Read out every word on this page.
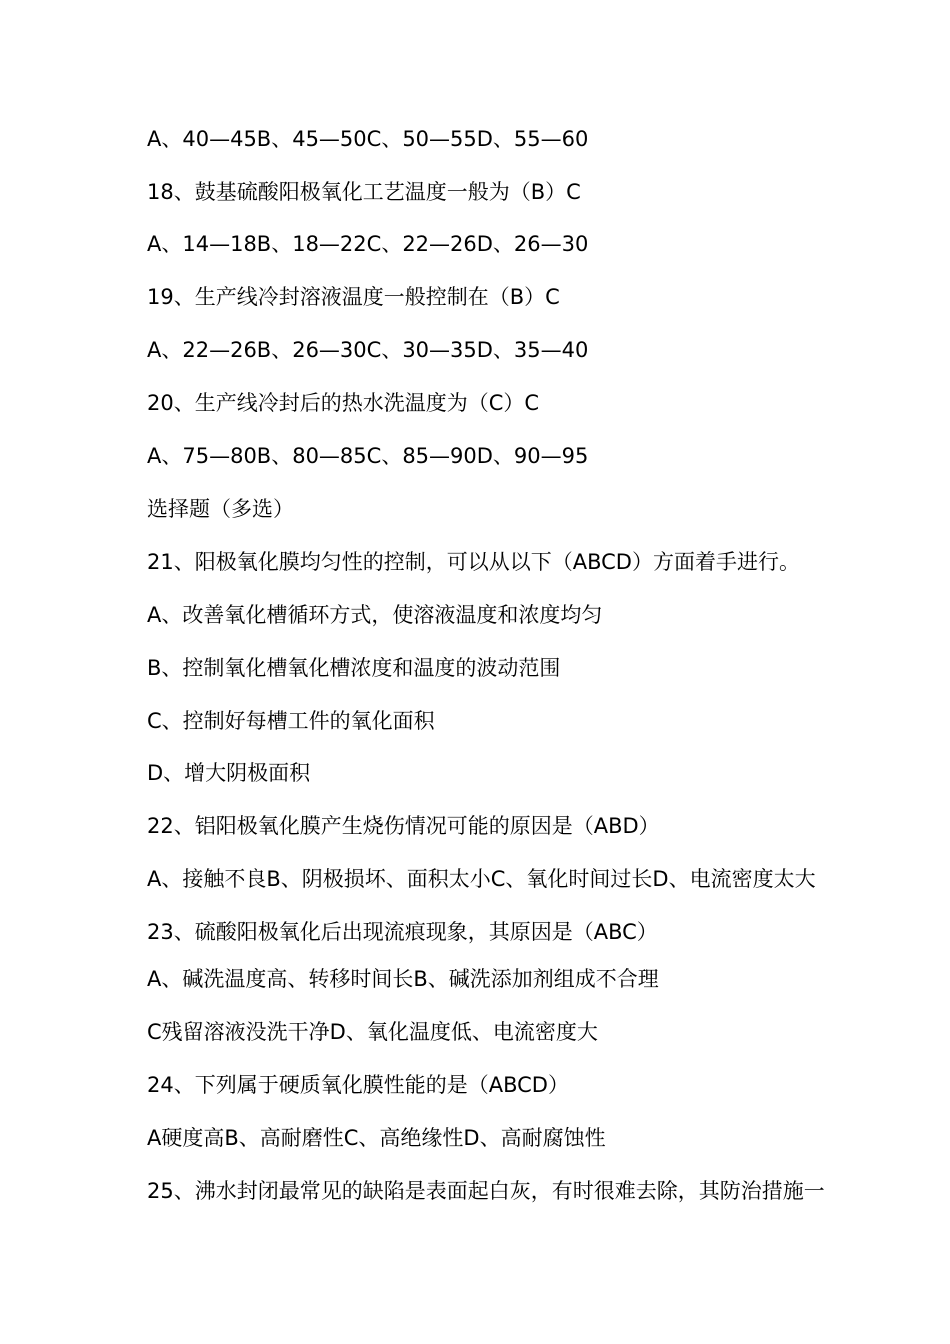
A、40—45B、45—50C、50—55D、55—60
18、鼓基硫酸阳极氧化工艺温度一般为（B）C
A、14—18B、18—22C、22—26D、26—30
19、生产线冷封溶液温度一般控制在（B）C
A、22—26B、26—30C、30—35D、35—40
20、生产线冷封后的热水洗温度为（C）C
A、75—80B、80—85C、85—90D、90—95
选择题（多选）
21、阳极氧化膜均匀性的控制，可以从以下（ABCD）方面着手进行。
A、改善氧化槽循环方式，使溶液温度和浓度均匀
B、控制氧化槽氧化槽浓度和温度的波动范围
C、控制好每槽工件的氧化面积
D、增大阴极面积
22、铝阳极氧化膜产生烧伤情况可能的原因是（ABD）
A、接触不良B、阴极损坏、面积太小C、氧化时间过长D、电流密度太大
23、硫酸阳极氧化后出现流痕现象，其原因是（ABC）
A、碱洗温度高、转移时间长B、碱洗添加剂组成不合理
C残留溶液没洗干净D、氧化温度低、电流密度大
24、下列属于硬质氧化膜性能的是（ABCD）
A硬度高B、高耐磨性C、高绝缘性D、高耐腐蚀性
25、沸水封闭最常见的缺陷是表面起白灰，有时很难去除，其防治措施一
